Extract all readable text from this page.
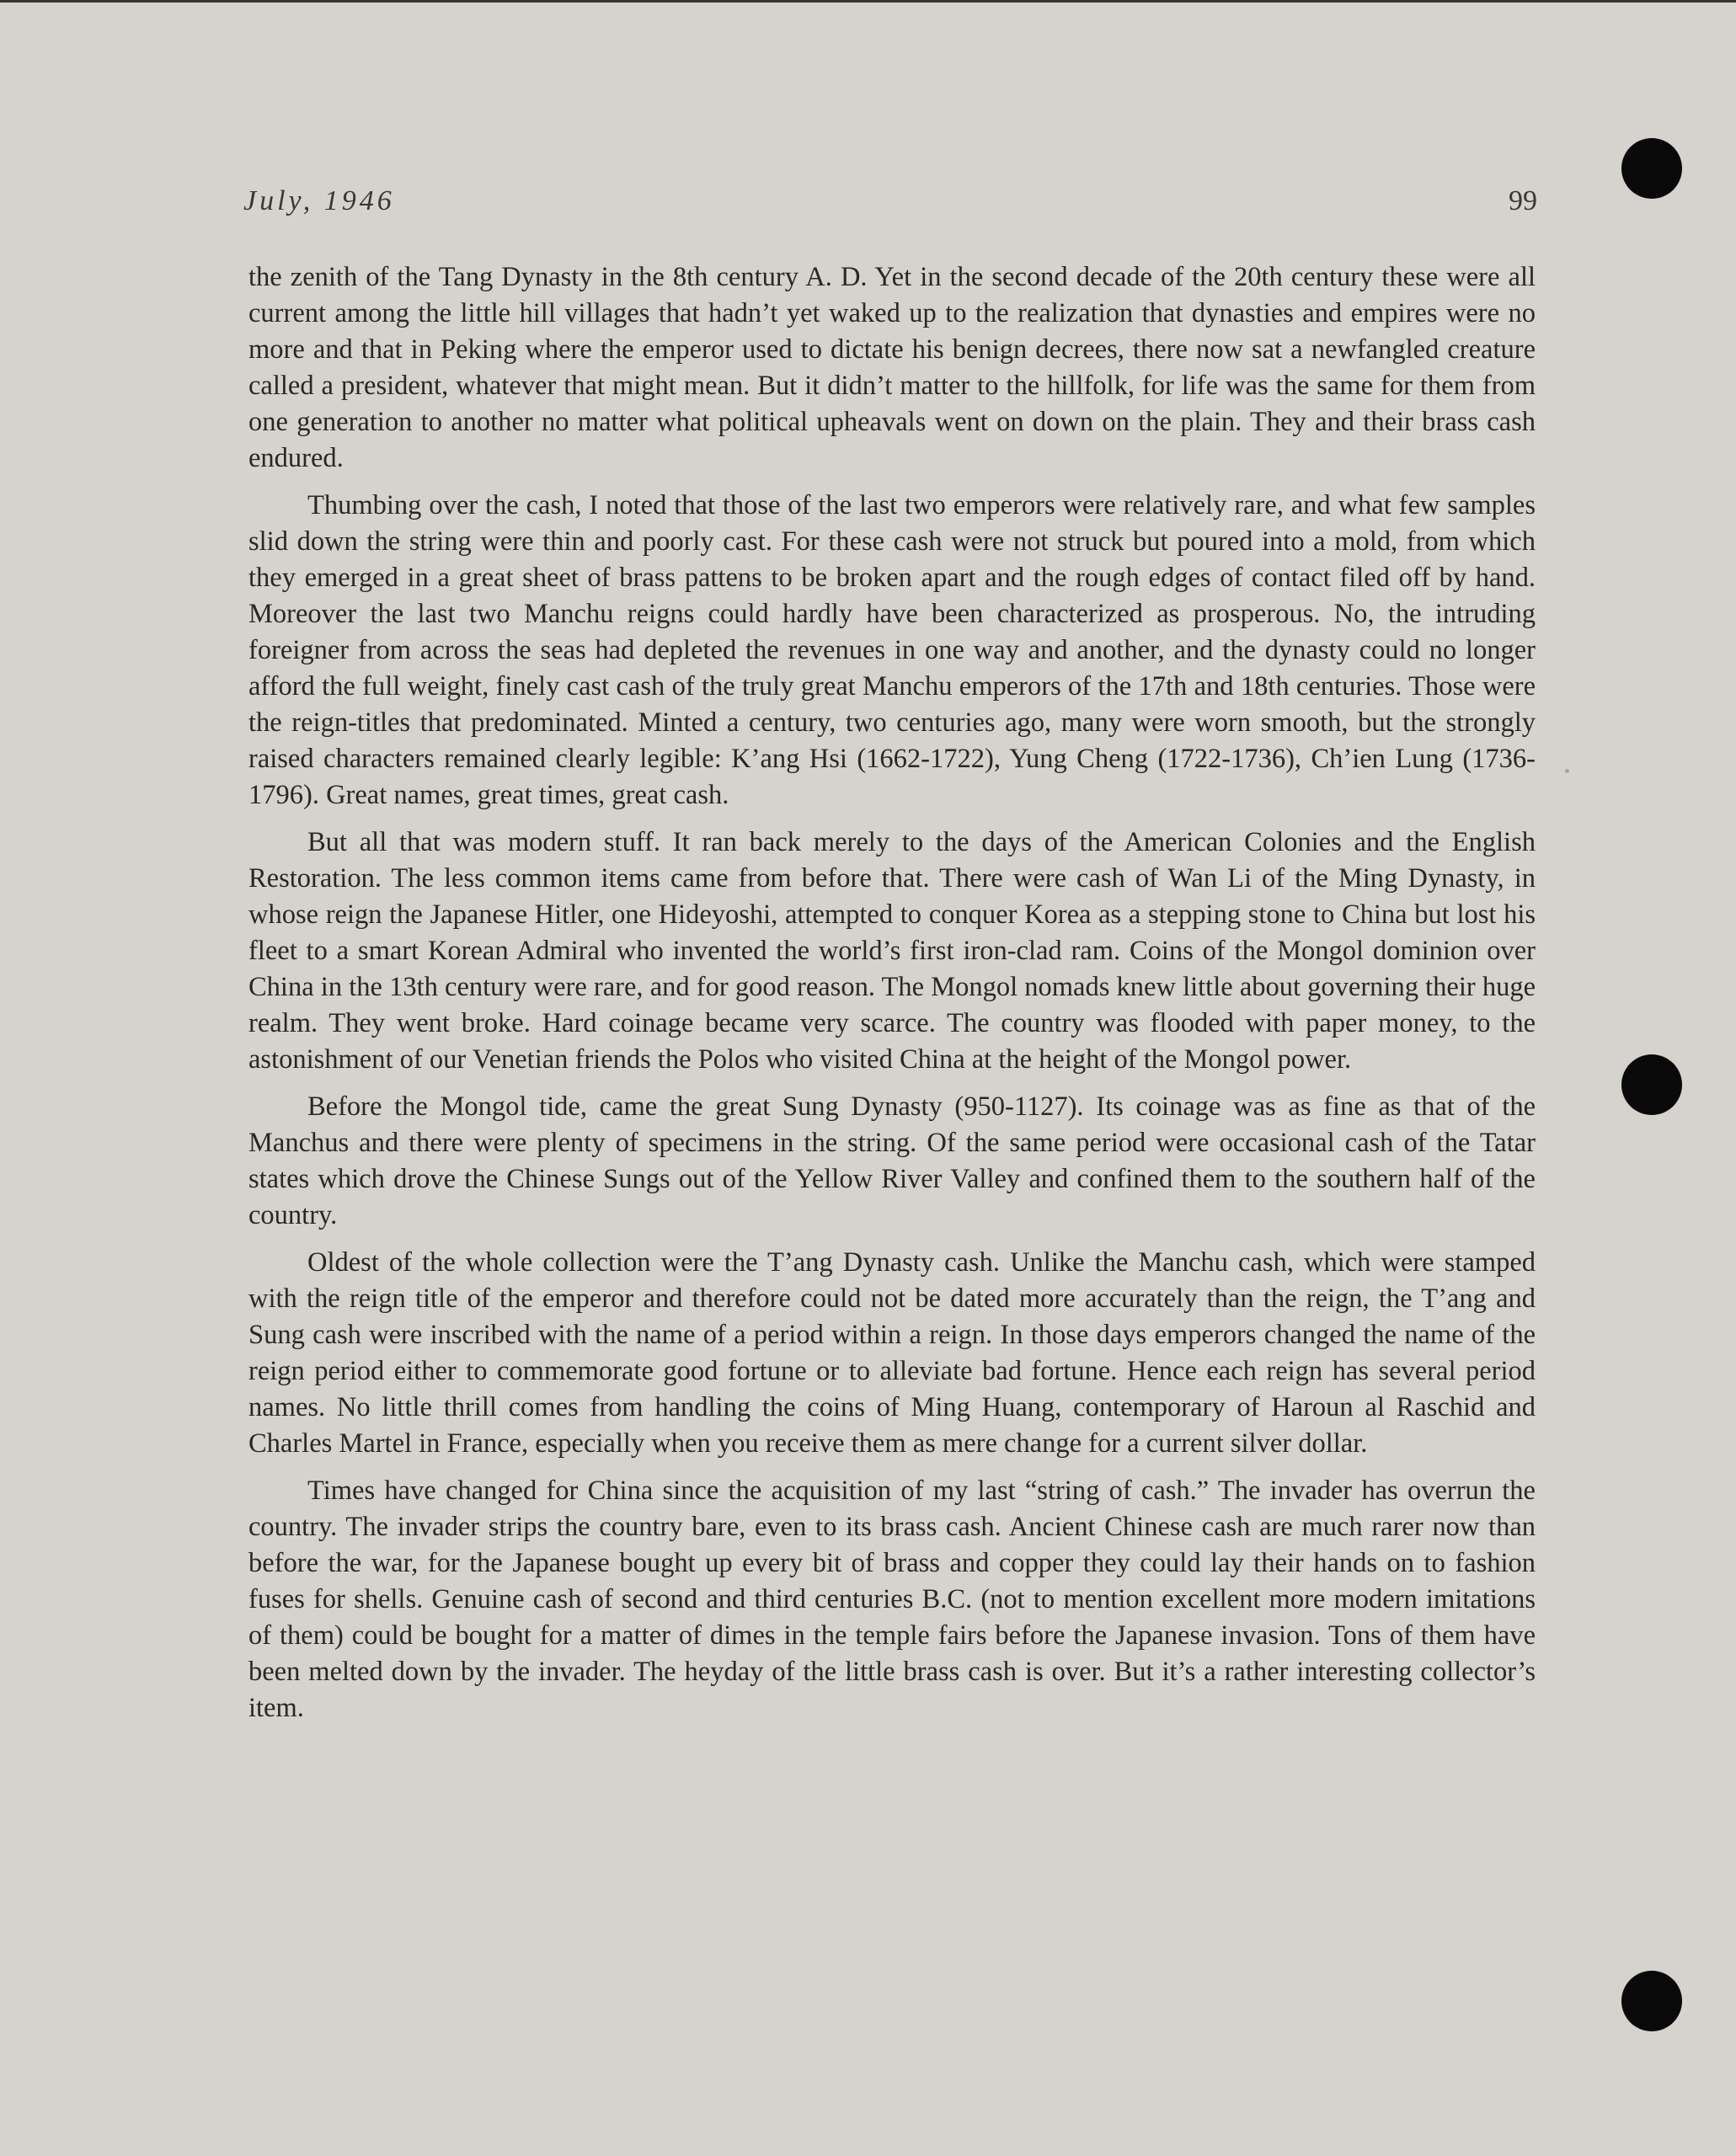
July, 1946	99

the zenith of the Tang Dynasty in the 8th century A. D. Yet in the second decade of the 20th century these were all current among the little hill villages that hadn’t yet waked up to the realization that dynasties and empires were no more and that in Peking where the emperor used to dictate his benign decrees, there now sat a newfangled creature called a president, whatever that might mean. But it didn’t matter to the hillfolk, for life was the same for them from one generation to another no matter what political upheavals went on down on the plain. They and their brass cash endured.

Thumbing over the cash, I noted that those of the last two emperors were relatively rare, and what few samples slid down the string were thin and poorly cast. For these cash were not struck but poured into a mold, from which they emerged in a great sheet of brass pattens to be broken apart and the rough edges of contact filed off by hand. Moreover the last two Manchu reigns could hardly have been characterized as prosperous. No, the intruding foreigner from across the seas had depleted the revenues in one way and another, and the dynasty could no longer afford the full weight, finely cast cash of the truly great Manchu emperors of the 17th and 18th centuries. Those were the reign-titles that predominated. Minted a century, two centuries ago, many were worn smooth, but the strongly raised characters remained clearly legible: K’ang Hsi (1662-1722), Yung Cheng (1722-1736), Ch’ien Lung (1736-1796). Great names, great times, great cash.

But all that was modern stuff. It ran back merely to the days of the American Colonies and the English Restoration. The less common items came from before that. There were cash of Wan Li of the Ming Dynasty, in whose reign the Japanese Hitler, one Hideyoshi, attempted to conquer Korea as a stepping stone to China but lost his fleet to a smart Korean Admiral who invented the world’s first iron-clad ram. Coins of the Mongol dominion over China in the 13th century were rare, and for good reason. The Mongol nomads knew little about governing their huge realm. They went broke. Hard coinage became very scarce. The country was flooded with paper money, to the astonishment of our Venetian friends the Polos who visited China at the height of the Mongol power.

Before the Mongol tide, came the great Sung Dynasty (950-1127). Its coinage was as fine as that of the Manchus and there were plenty of specimens in the string. Of the same period were occasional cash of the Tatar states which drove the Chinese Sungs out of the Yellow River Valley and confined them to the southern half of the country.

Oldest of the whole collection were the T’ang Dynasty cash. Unlike the Manchu cash, which were stamped with the reign title of the emperor and therefore could not be dated more accurately than the reign, the T’ang and Sung cash were inscribed with the name of a period within a reign. In those days emperors changed the name of the reign period either to commemorate good fortune or to alleviate bad fortune. Hence each reign has several period names. No little thrill comes from handling the coins of Ming Huang, contemporary of Haroun al Raschid and Charles Martel in France, especially when you receive them as mere change for a current silver dollar.

Times have changed for China since the acquisition of my last “string of cash.” The invader has overrun the country. The invader strips the country bare, even to its brass cash. Ancient Chinese cash are much rarer now than before the war, for the Japanese bought up every bit of brass and copper they could lay their hands on to fashion fuses for shells. Genuine cash of second and third centuries B.C. (not to mention excellent more modern imitations of them) could be bought for a matter of dimes in the temple fairs before the Japanese invasion. Tons of them have been melted down by the invader. The heyday of the little brass cash is over. But it’s a rather interesting collector’s item.
